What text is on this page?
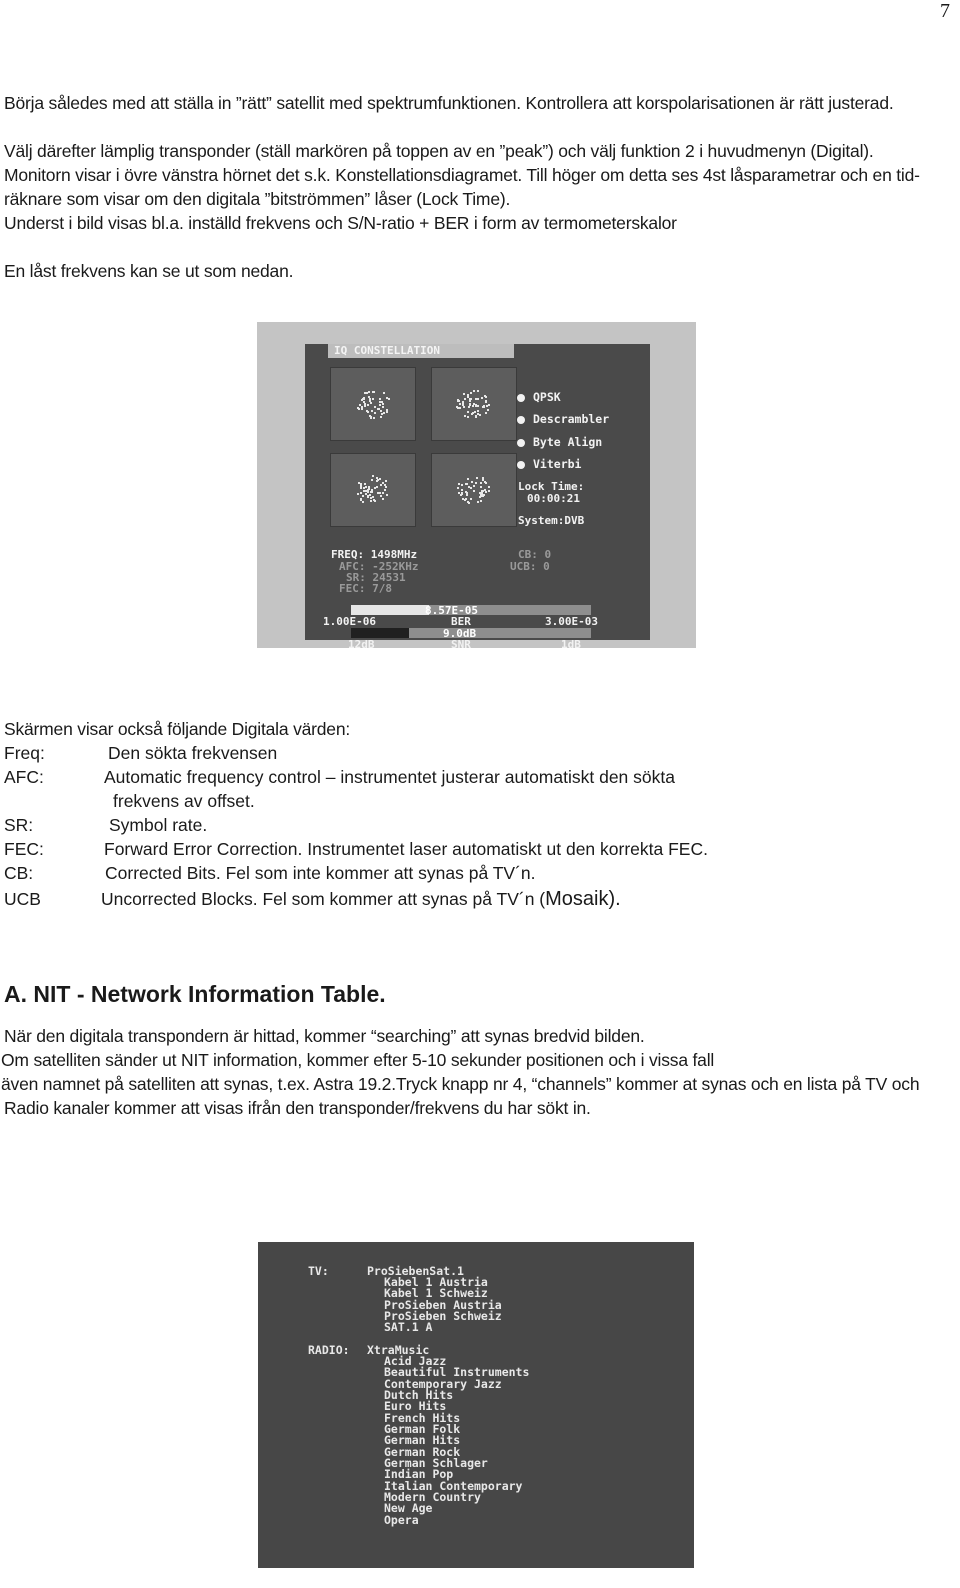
7
Börja således med att ställa in ”rätt” satellit med spektrumfunktionen. Kontrollera att korspolarisationen är rätt justerad.
Välj därefter lämplig transponder (ställ markören på toppen av en ”peak”) och välj funktion 2 i huvudmenyn (Digital).
Monitorn visar i övre vänstra hörnet det s.k. Konstellationsdiagramet. Till höger om detta ses 4st låsparametrar och en tid-
räknare som visar om den digitala ”bitströmmen” låser (Lock Time).
Underst i bild visas bl.a. inställd frekvens och S/N-ratio + BER i form av termometerskalor
En låst frekvens kan se ut som nedan.
IQ CONSTELLATION
QPSK
Descrambler
Byte Align
Viterbi
Lock Time:
00:00:21
System:DVB
FREQ: 1498MHz
AFC: -252KHz
SR: 24531
FEC: 7/8
CB: 0
UCB: 0
8.57E-05
1.00E-06	BER	3.00E-03
9.0dB
12dB	SNR	1dB
Skärmen visar också följande Digitala värden:
Freq:	Den sökta frekvensen
AFC:	Automatic frequency control – instrumentet justerar automatiskt den sökta
frekvens av offset.
SR:	Symbol rate.
FEC:	Forward Error Correction. Instrumentet laser automatiskt ut den korrekta FEC.
CB:	Corrected Bits. Fel som inte kommer att synas på TV´n.
UCB	Uncorrected Blocks. Fel som kommer att synas på TV´n (Mosaik).
A. NIT - Network Information Table.
När den digitala transpondern är hittad, kommer “searching” att synas bredvid bilden.
Om satelliten sänder ut NIT information, kommer efter 5-10 sekunder positionen och i vissa fall
även namnet på satelliten att synas, t.ex. Astra 19.2.Tryck knapp nr 4, “channels” kommer at synas och en lista på TV och
Radio kanaler kommer att visas ifrån den transponder/frekvens du har sökt in.
TV:	ProSiebenSat.1
Kabel 1 Austria
Kabel 1 Schweiz
ProSieben Austria
ProSieben Schweiz
SAT.1 A
RADIO: XtraMusic
Acid Jazz
Beautiful Instruments
Contemporary Jazz
Dutch Hits
Euro Hits
French Hits
German Folk
German Hits
German Rock
German Schlager
Indian Pop
Italian Contemporary
Modern Country
New Age
Opera
